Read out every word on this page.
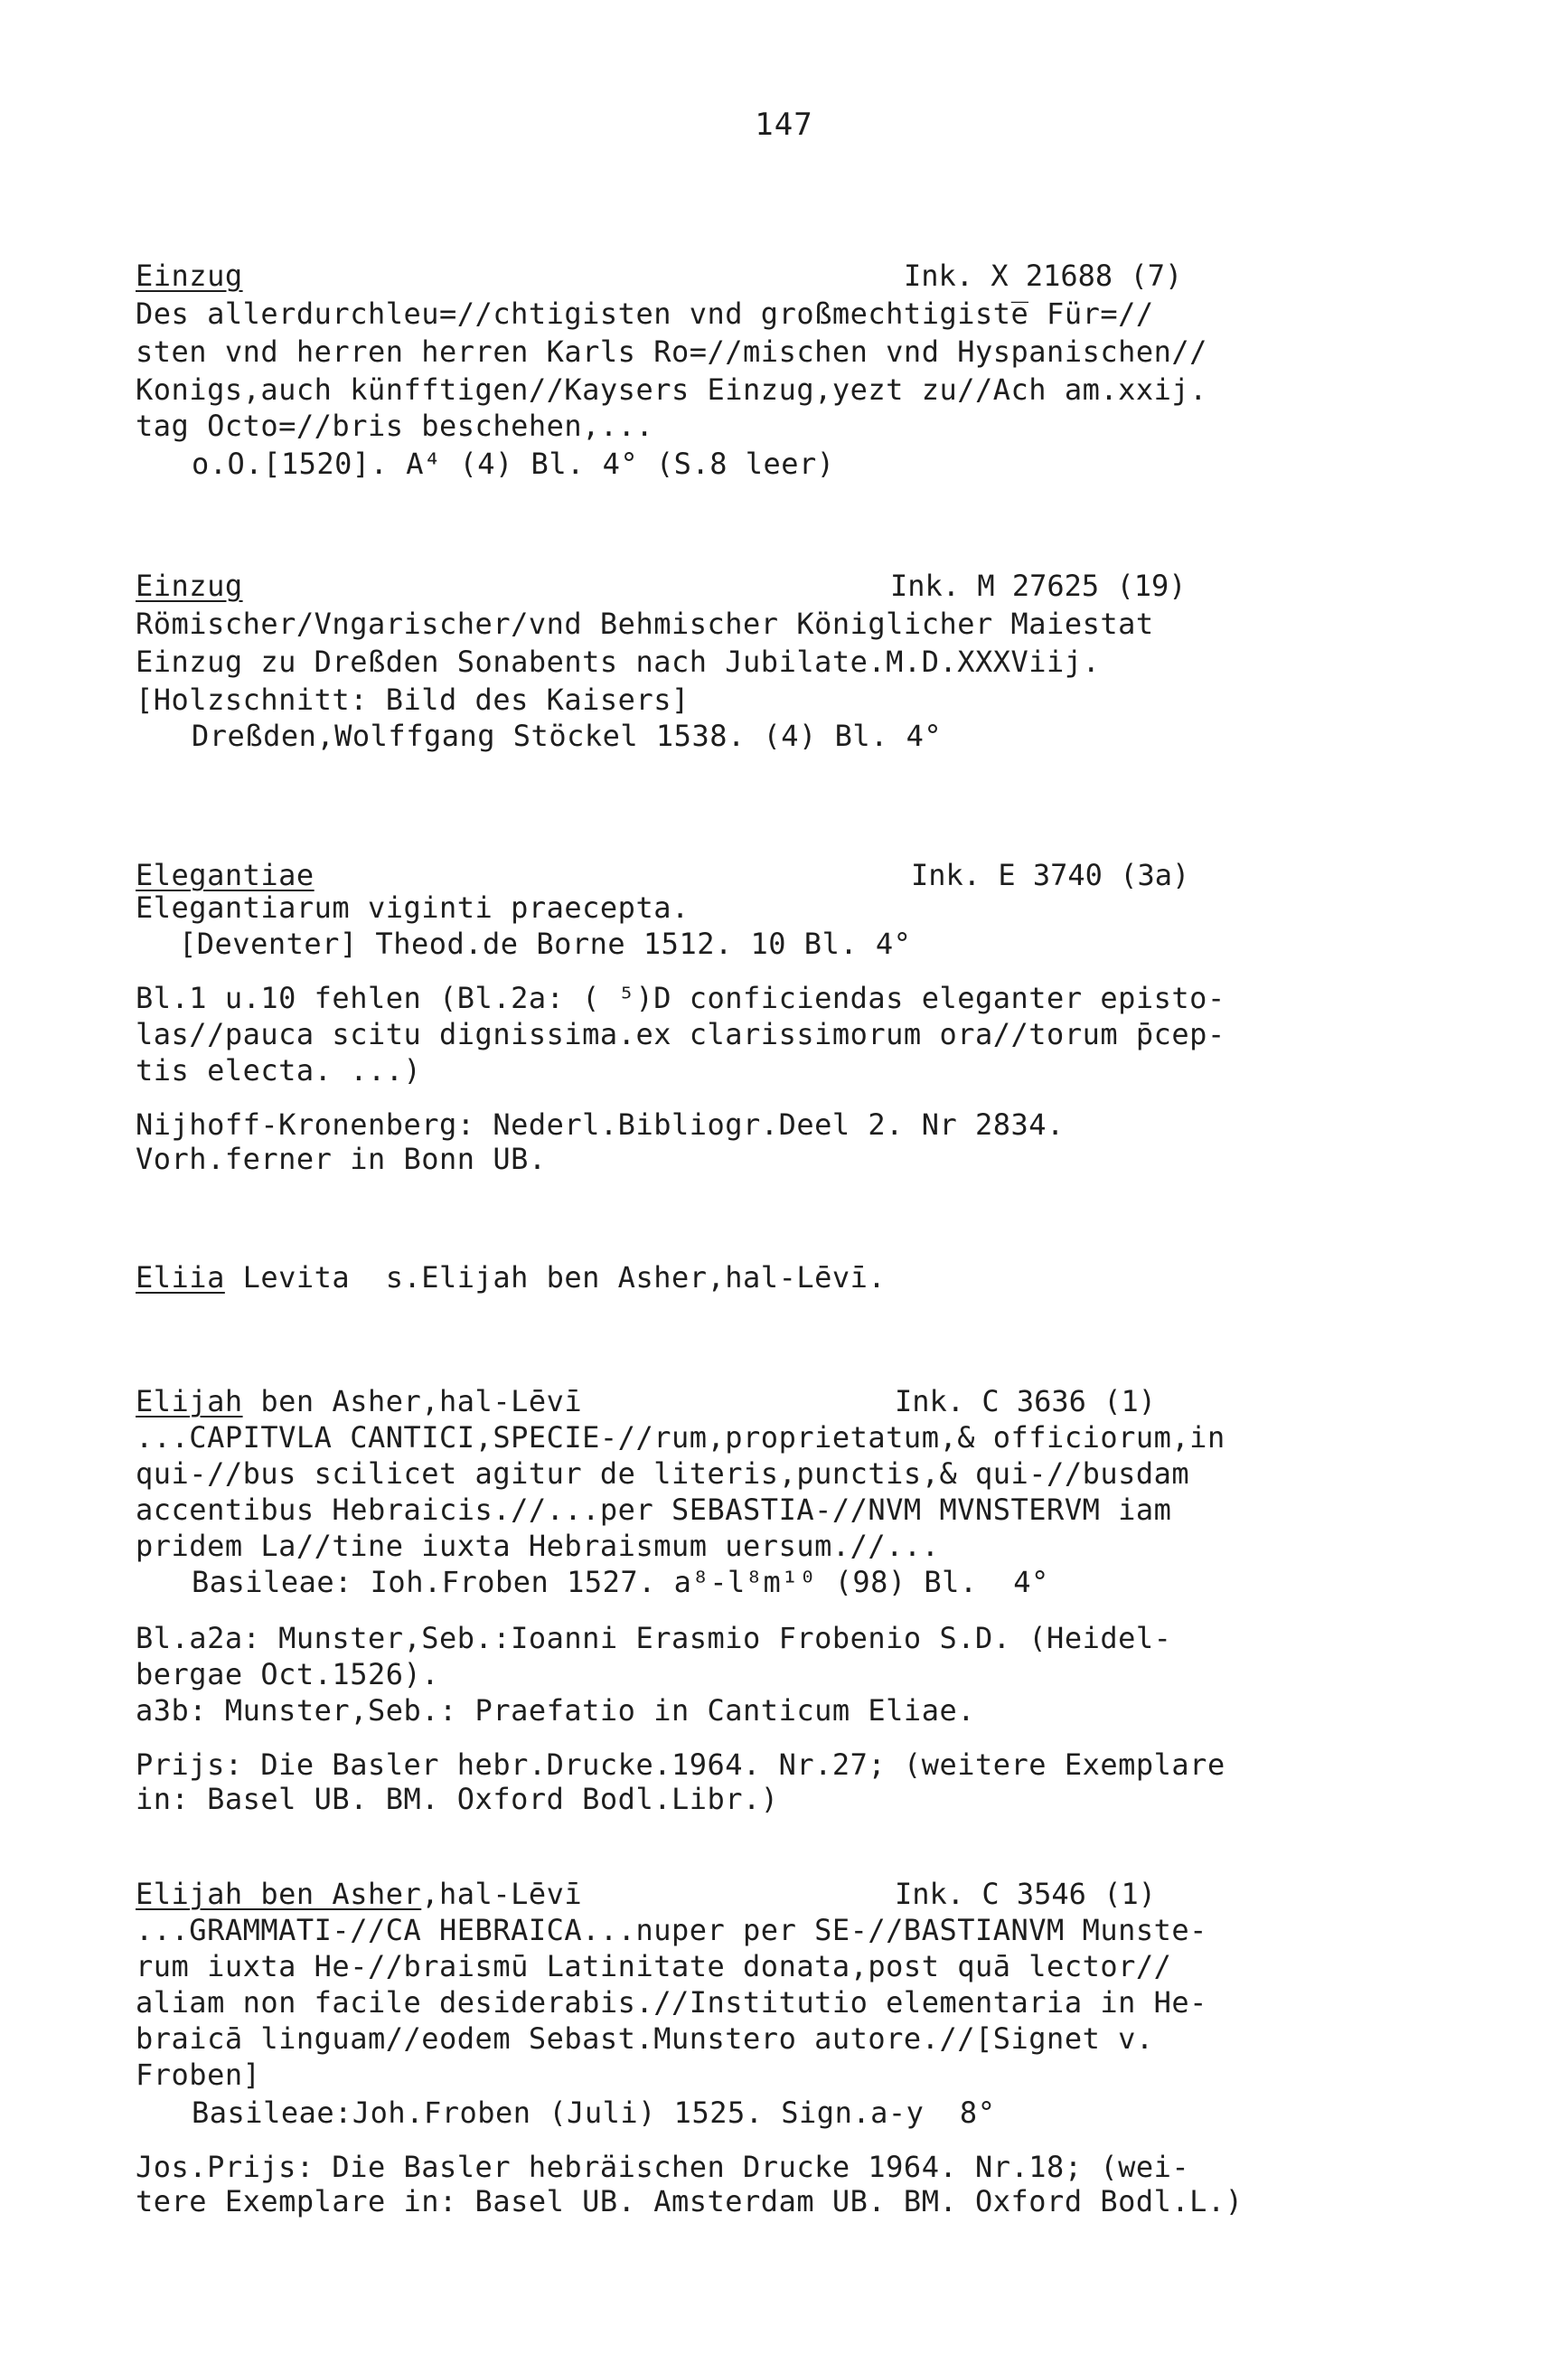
147
Einzug	Ink. X 21688 (7)
Des allerdurchleu=//chtigisten vnd großmechtigiste̅ Für=//
sten vnd herren herren Karls Ro=//mischen vnd Hyspanischen//
Konigs,auch künfftigen//Kaysers Einzug,yezt zu//Ach am.xxij.
tag Octo=//bris beschehen,...
o.O.[1520]. A⁴ (4) Bl. 4° (S.8 leer)
Einzug	Ink. M 27625 (19)
Römischer/Vngarischer/vnd Behmischer Königlicher Maiestat
Einzug zu Dreßden Sonabents nach Jubilate.M.D.XXXViij.
[Holzschnitt: Bild des Kaisers]
Dreßden,Wolffgang Stöckel 1538. (4) Bl. 4°
Elegantiae	Ink. E 3740 (3a)
Elegantiarum viginti praecepta.
[Deventer] Theod.de Borne 1512. 10 Bl. 4°
Bl.1 u.10 fehlen (Bl.2a: ( ⁵)D conficiendas eleganter episto-
las//pauca scitu dignissima.ex clarissimorum ora//torum p̄cep-
tis electa. ...)
Nijhoff-Kronenberg: Nederl.Bibliogr.Deel 2. Nr 2834.
Vorh.ferner in Bonn UB.
Eliia Levita  s.Elijah ben Asher,hal-Lēvī.
Elijah ben Asher,hal-Lēvī	Ink. C 3636 (1)
...CAPITVLA CANTICI,SPECIE-//rum,proprietatum,& officiorum,in
qui-//bus scilicet agitur de literis,punctis,& qui-//busdam
accentibus Hebraicis.//...per SEBASTIA-//NVM MVNSTERVM iam
pridem La//tine iuxta Hebraismum uersum.//...
Basileae: Ioh.Froben 1527. a⁸-l⁸m¹⁰ (98) Bl.  4°
Bl.a2a: Munster,Seb.:Ioanni Erasmio Frobenio S.D. (Heidel-
bergae Oct.1526).
a3b: Munster,Seb.: Praefatio in Canticum Eliae.
Prijs: Die Basler hebr.Drucke.1964. Nr.27; (weitere Exemplare
in: Basel UB. BM. Oxford Bodl.Libr.)
Elijah ben Asher,hal-Lēvī	Ink. C 3546 (1)
...GRAMMATI-//CA HEBRAICA...nuper per SE-//BASTIANVM Munste-
rum iuxta He-//braismū Latinitate donata,post quā lector//
aliam non facile desiderabis.//Institutio elementaria in He-
braicā linguam//eodem Sebast.Munstero autore.//[Signet v.
Froben]
Basileae:Joh.Froben (Juli) 1525. Sign.a-y  8°
Jos.Prijs: Die Basler hebräischen Drucke 1964. Nr.18; (wei-
tere Exemplare in: Basel UB. Amsterdam UB. BM. Oxford Bodl.L.)
